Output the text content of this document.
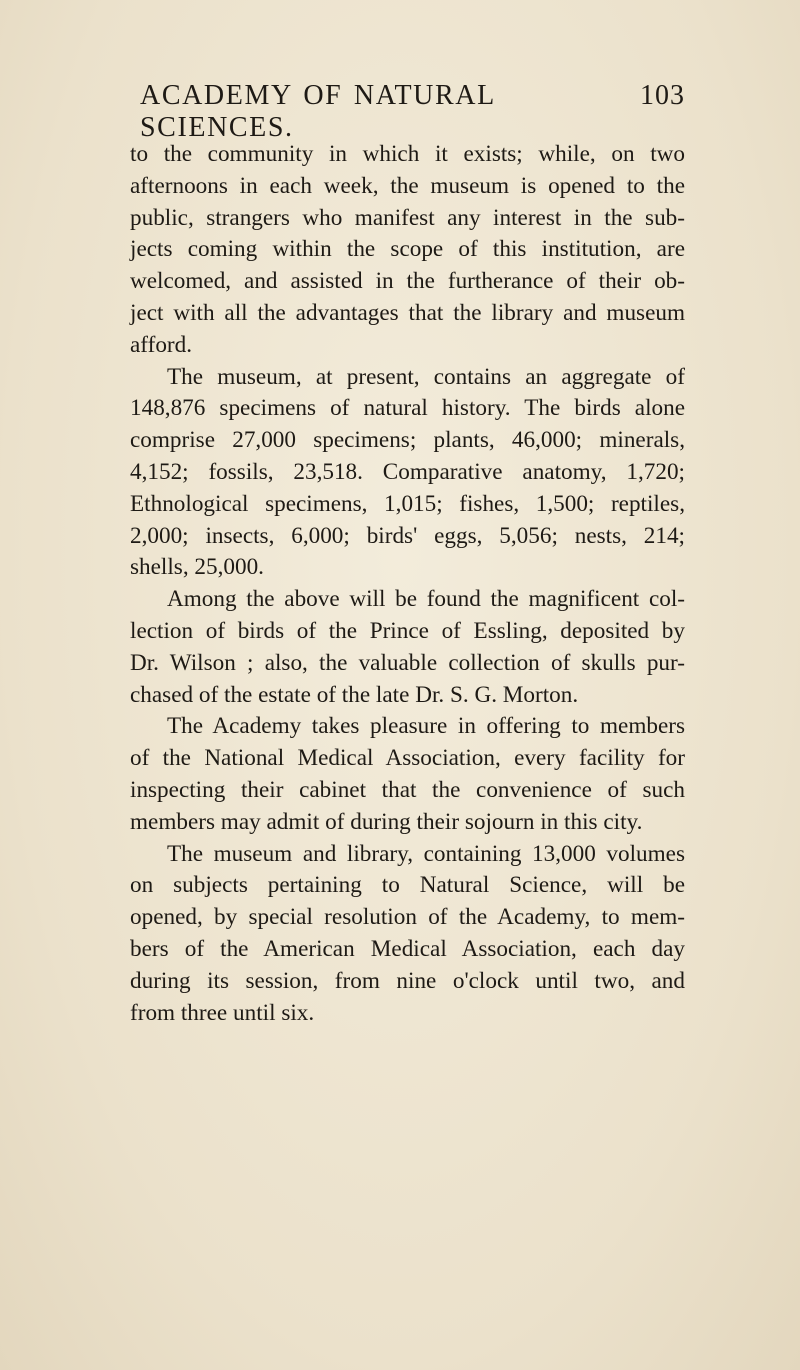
ACADEMY OF NATURAL SCIENCES.
103
to the community in which it exists; while, on two
afternoons in each week, the museum is opened to the
public, strangers who manifest any interest in the sub-
jects coming within the scope of this institution, are
welcomed, and assisted in the furtherance of their ob-
ject with all the advantages that the library and museum
afford.
The museum, at present, contains an aggregate of
148,876 specimens of natural history. The birds alone
comprise 27,000 specimens; plants, 46,000; minerals,
4,152; fossils, 23,518. Comparative anatomy, 1,720;
Ethnological specimens, 1,015; fishes, 1,500; reptiles,
2,000; insects, 6,000; birds' eggs, 5,056; nests, 214;
shells, 25,000.
Among the above will be found the magnificent col-
lection of birds of the Prince of Essling, deposited by
Dr. Wilson ; also, the valuable collection of skulls pur-
chased of the estate of the late Dr. S. G. Morton.
The Academy takes pleasure in offering to members
of the National Medical Association, every facility for
inspecting their cabinet that the convenience of such
members may admit of during their sojourn in this city.
The museum and library, containing 13,000 volumes
on subjects pertaining to Natural Science, will be
opened, by special resolution of the Academy, to mem-
bers of the American Medical Association, each day
during its session, from nine o'clock until two, and
from three until six.
